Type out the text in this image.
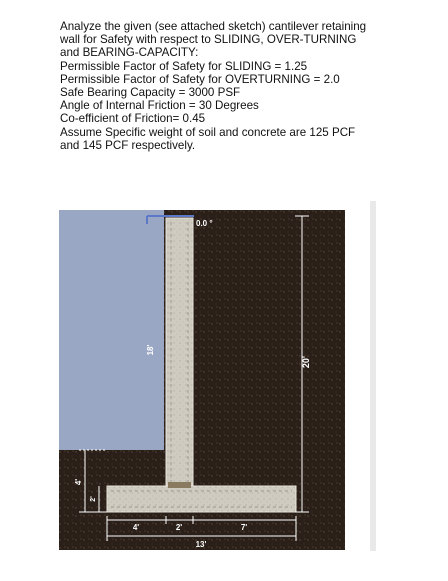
Analyze the given (see attached sketch) cantilever retaining
wall for Safety with respect to SLIDING, OVER-TURNING
and BEARING-CAPACITY:
Permissible Factor of Safety for SLIDING = 1.25
Permissible Factor of Safety for OVERTURNING = 2.0
Safe Bearing Capacity = 3000 PSF
Angle of Internal Friction = 30 Degrees
Co-efficient of Friction= 0.45
Assume Specific weight of soil and concrete are 125 PCF
and 145 PCF respectively.
20'
18'
0.0 °
4'
2'
4'	2'	7'
13'
